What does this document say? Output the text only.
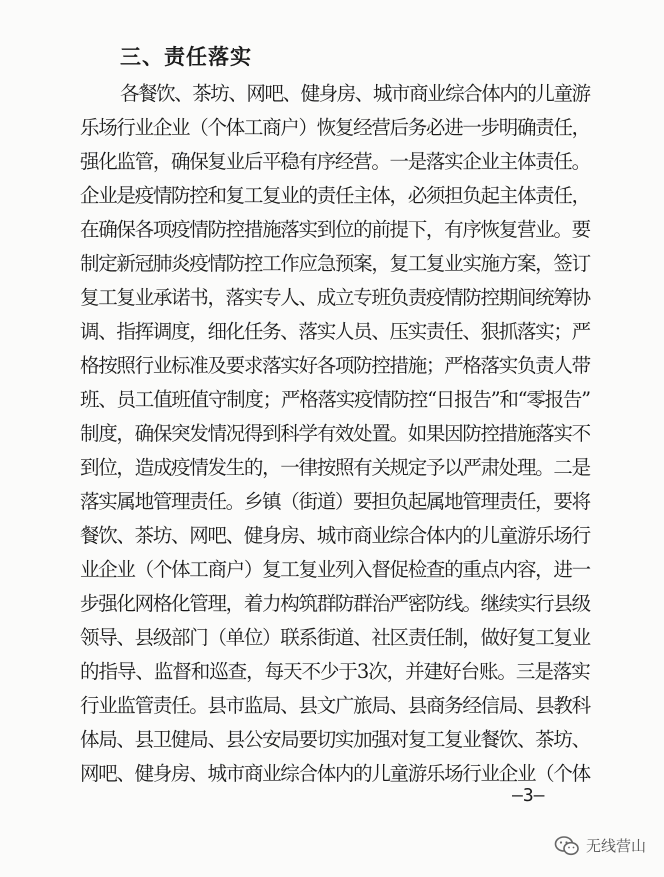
三、责任落实
各餐饮、茶坊、网吧、健身房、城市商业综合体内的儿童游
乐场行业企业（个体工商户）恢复经营后务必进一步明确责任，
强化监管，确保复业后平稳有序经营。一是落实企业主体责任。
企业是疫情防控和复工复业的责任主体，必须担负起主体责任，
在确保各项疫情防控措施落实到位的前提下，有序恢复营业。要
制定新冠肺炎疫情防控工作应急预案，复工复业实施方案，签订
复工复业承诺书，落实专人、成立专班负责疫情防控期间统筹协
调、指挥调度，细化任务、落实人员、压实责任、狠抓落实；严
格按照行业标准及要求落实好各项防控措施；严格落实负责人带
班、员工值班值守制度；严格落实疫情防控“日报告”和“零报告”
制度，确保突发情况得到科学有效处置。如果因防控措施落实不
到位，造成疫情发生的，一律按照有关规定予以严肃处理。二是
落实属地管理责任。乡镇（街道）要担负起属地管理责任，要将
餐饮、茶坊、网吧、健身房、城市商业综合体内的儿童游乐场行
业企业（个体工商户）复工复业列入督促检查的重点内容，进一
步强化网格化管理，着力构筑群防群治严密防线。继续实行县级
领导、县级部门（单位）联系街道、社区责任制，做好复工复业
的指导、监督和巡查，每天不少于3次，并建好台账。三是落实
行业监管责任。县市监局、县文广旅局、县商务经信局、县教科
体局、县卫健局、县公安局要切实加强对复工复业餐饮、茶坊、
网吧、健身房、城市商业综合体内的儿童游乐场行业企业（个体
—3—
无线营山
